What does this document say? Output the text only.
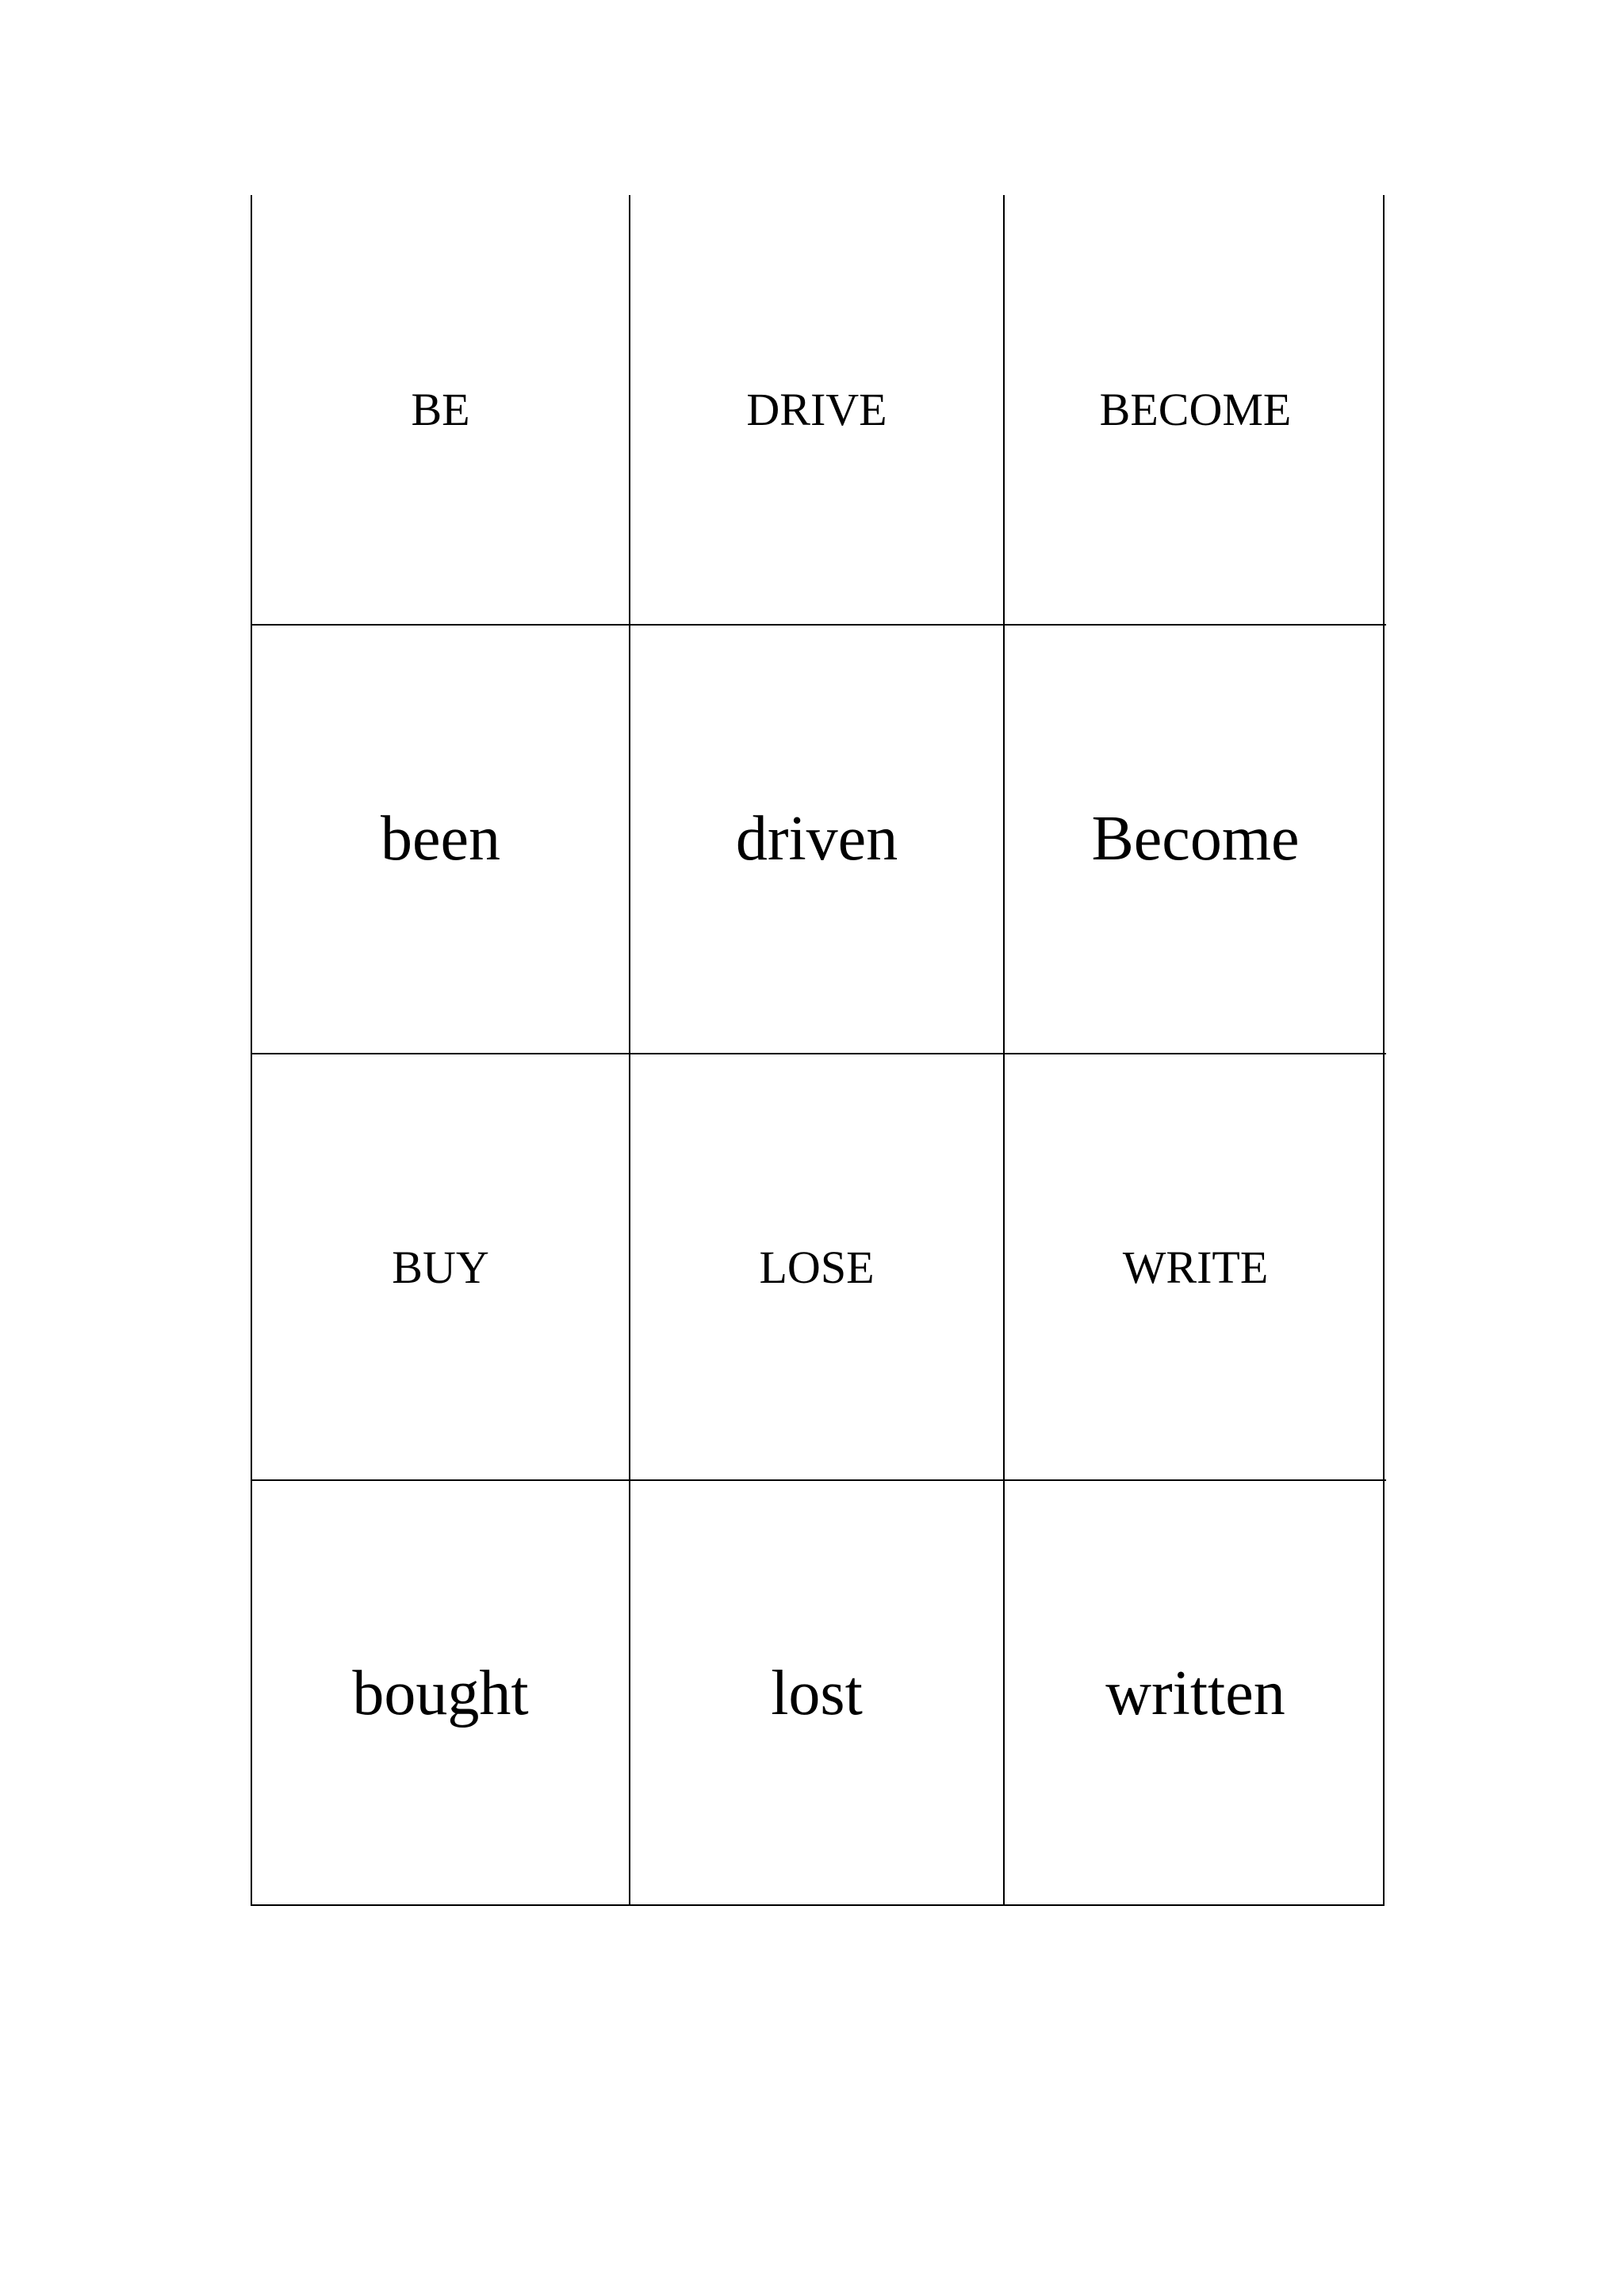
BE	DRIVE	BECOME
been	driven	Become
BUY	LOSE	WRITE
bought	lost	written
